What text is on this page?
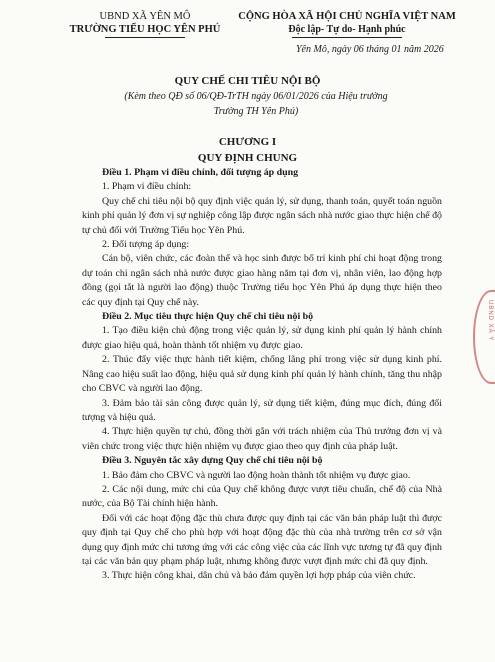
UBND XÃ YÊN MÔ
TRƯỜNG TIỂU HỌC YÊN PHÚ
CỘNG HÒA XÃ HỘI CHỦ NGHĨA VIỆT NAM
Độc lập- Tự do- Hạnh phúc
Yên Mô, ngày 06 tháng 01 năm 2026
QUY CHẾ CHI TIÊU NỘI BỘ
(Kèm theo QĐ số 06/QĐ-TrTH ngày 06/01/2026 của Hiệu trưởng
Trường TH Yên Phú)
CHƯƠNG I
QUY ĐỊNH CHUNG

Điều 1. Phạm vi điều chỉnh, đối tượng áp dụng

1. Phạm vi điều chỉnh:

Quy chế chi tiêu nội bộ quy định việc quản lý, sử dụng, thanh toán, quyết toán nguồn kinh phí quản lý đơn vị sự nghiệp công lập được ngân sách nhà nước giao thực hiện chế độ tự chủ đối với Trường Tiểu học Yên Phú.

2. Đối tượng áp dụng:

Cán bộ, viên chức, các đoàn thể và học sinh được bố trí kinh phí chi hoạt động trong dự toán chi ngân sách nhà nước được giao hàng năm tại đơn vị, nhân viên, lao động hợp đồng (gọi tắt là người lao động) thuộc Trường tiểu học Yên Phú áp dụng thực hiện theo các quy định tại Quy chế này.

Điều 2. Mục tiêu thực hiện Quy chế chi tiêu nội bộ

1. Tạo điều kiện chủ động trong việc quản lý, sử dụng kinh phí quản lý hành chính được giao hiệu quả, hoàn thành tốt nhiệm vụ được giao.

2. Thúc đẩy việc thực hành tiết kiệm, chống lãng phí trong việc sử dụng kinh phí. Nâng cao hiệu suất lao động, hiệu quả sử dụng kinh phí quản lý hành chính, tăng thu nhập cho CBVC và người lao động.

3. Đảm bảo tài sản công được quản lý, sử dụng tiết kiệm, đúng mục đích, đúng đối tượng và hiệu quả.

4. Thực hiện quyền tự chủ, đồng thời gắn với trách nhiệm của Thủ trưởng đơn vị và viên chức trong việc thực hiện nhiệm vụ được giao theo quy định của pháp luật.

Điều 3. Nguyên tắc xây dựng Quy chế chi tiêu nội bộ

1. Bảo đảm cho CBVC và người lao động hoàn thành tốt nhiệm vụ được giao.

2. Các nội dung, mức chi của Quy chế không được vượt tiêu chuẩn, chế độ của Nhà nước, của Bộ Tài chính hiện hành.

Đối với các hoạt động đặc thù chưa được quy định tại các văn bản pháp luật thì được quy định tại Quy chế cho phù hợp với hoạt động đặc thù của nhà trường trên cơ sở vận dụng quy định mức chi tương ứng với các công việc của các lĩnh vực tương tự đã quy định tại các văn bản quy phạm pháp luật, nhưng không được vượt định mức chi đã quy định.

3. Thực hiện công khai, dân chủ và bảo đảm quyền lợi hợp pháp của viên chức.

UBND XÃ Y
